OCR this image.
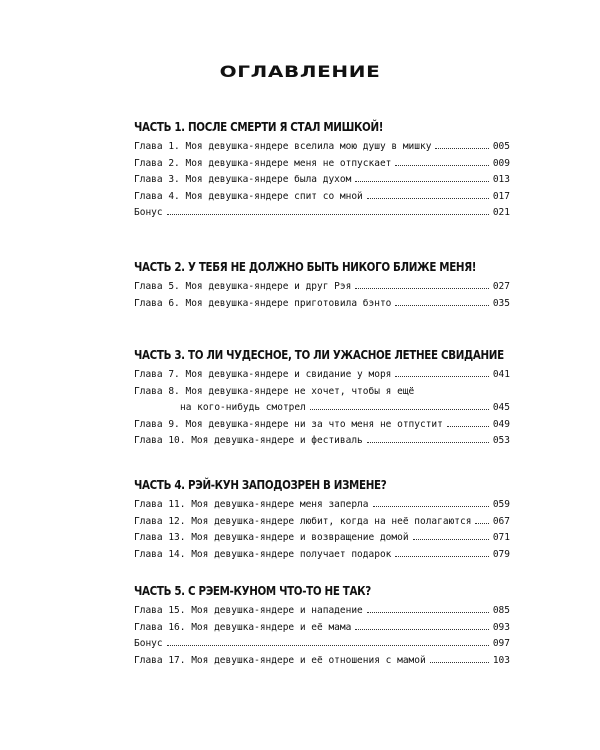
ОГЛАВЛЕНИЕ
ЧАСТЬ 1. ПОСЛЕ СМЕРТИ Я СТАЛ МИШКОЙ!
Глава 1. Моя девушка-яндере вселила мою душу в мишку	005
Глава 2. Моя девушка-яндере меня не отпускает	009
Глава 3. Моя девушка-яндере была духом	013
Глава 4. Моя девушка-яндере спит со мной	017
Бонус	021
ЧАСТЬ 2. У ТЕБЯ НЕ ДОЛЖНО БЫТЬ НИКОГО БЛИЖЕ МЕНЯ!
Глава 5. Моя девушка-яндере и друг Рэя	027
Глава 6. Моя девушка-яндере приготовила бэнто	035
ЧАСТЬ 3. ТО ЛИ ЧУДЕСНОЕ, ТО ЛИ УЖАСНОЕ ЛЕТНЕЕ СВИДАНИЕ
Глава 7. Моя девушка-яндере и свидание у моря	041
Глава 8. Моя девушка-яндере не хочет, чтобы я ещё
на кого-нибудь смотрел	045
Глава 9. Моя девушка-яндере ни за что меня не отпустит	049
Глава 10. Моя девушка-яндере и фестиваль	053
ЧАСТЬ 4. РЭЙ-КУН ЗАПОДОЗРЕН В ИЗМЕНЕ?
Глава 11. Моя девушка-яндере меня заперла	059
Глава 12. Моя девушка-яндере любит, когда на неё полагаются 067
Глава 13. Моя девушка-яндере и возвращение домой	071
Глава 14. Моя девушка-яндере получает подарок	079
ЧАСТЬ 5. С РЭЕМ-КУНОМ ЧТО-ТО НЕ ТАК?
Глава 15. Моя девушка-яндере и нападение	085
Глава 16. Моя девушка-яндере и её мама	093
Бонус	097
Глава 17. Моя девушка-яндере и её отношения с мамой	103
